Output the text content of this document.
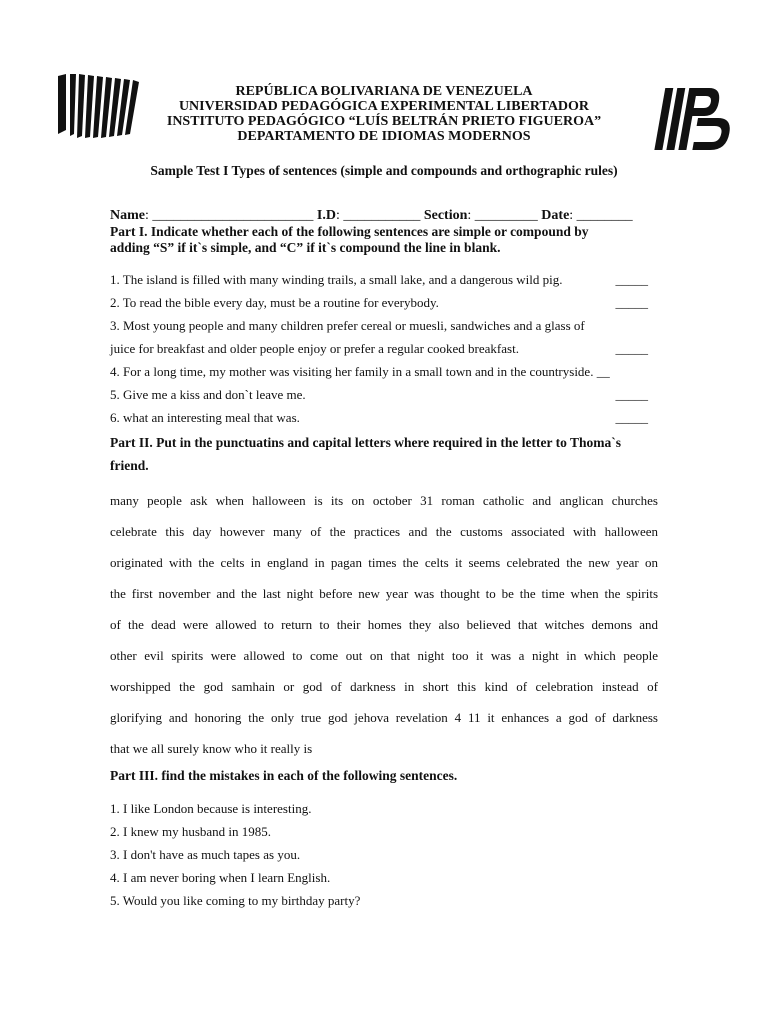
REPÚBLICA BOLIVARIANA DE VENEZUELA
UNIVERSIDAD PEDAGÓGICA EXPERIMENTAL LIBERTADOR
INSTITUTO PEDAGÓGICO “LUÍS BELTRÁN PRIETO FIGUEROA”
DEPARTAMENTO DE IDIOMAS MODERNOS
Sample Test I Types of sentences (simple and compounds and orthographic rules)
Name: _______________________ I.D: ___________ Section: _________ Date: ________
Part I. Indicate whether each of the following sentences are simple or compound by
adding “S” if it`s simple, and “C” if it`s compound the line in blank.
1. The island is filled with many winding trails, a small lake, and a dangerous wild pig.	_____
2. To read the bible every day, must be a routine for everybody.	_____
3. Most young people and many children prefer cereal or muesli, sandwiches and a glass of
juice for breakfast and older people enjoy or prefer a regular cooked breakfast.	_____
4. For a long time, my mother was visiting her family in a small town and in the countryside. __
5. Give me a kiss and don`t leave me.	_____
6. what an interesting meal that was.	_____
Part II. Put in the punctuatins and capital letters where required in the letter to Thoma`s friend.
many people ask when halloween is its on october 31 roman catholic and anglican churches
celebrate this day however many of the practices and the customs associated with halloween
originated with the celts in england in pagan times the celts it seems celebrated the new year on
the first november and the last night before new year was thought to be the time when the spirits
of the dead were allowed to return to their homes they also believed that witches demons and
other evil spirits were allowed to come out on that night too it was a night in which people
worshipped the god samhain or god of darkness in short this kind of celebration instead of
glorifying and honoring the only true god jehova revelation 4 11 it enhances a god of darkness
that we all surely know who it really is
Part III. find the mistakes in each of the following sentences.
1. I like London because is interesting.
2. I knew my husband in 1985.
3. I don't have as much tapes as you.
4. I am never boring when I learn English.
5. Would you like coming to my birthday party?
